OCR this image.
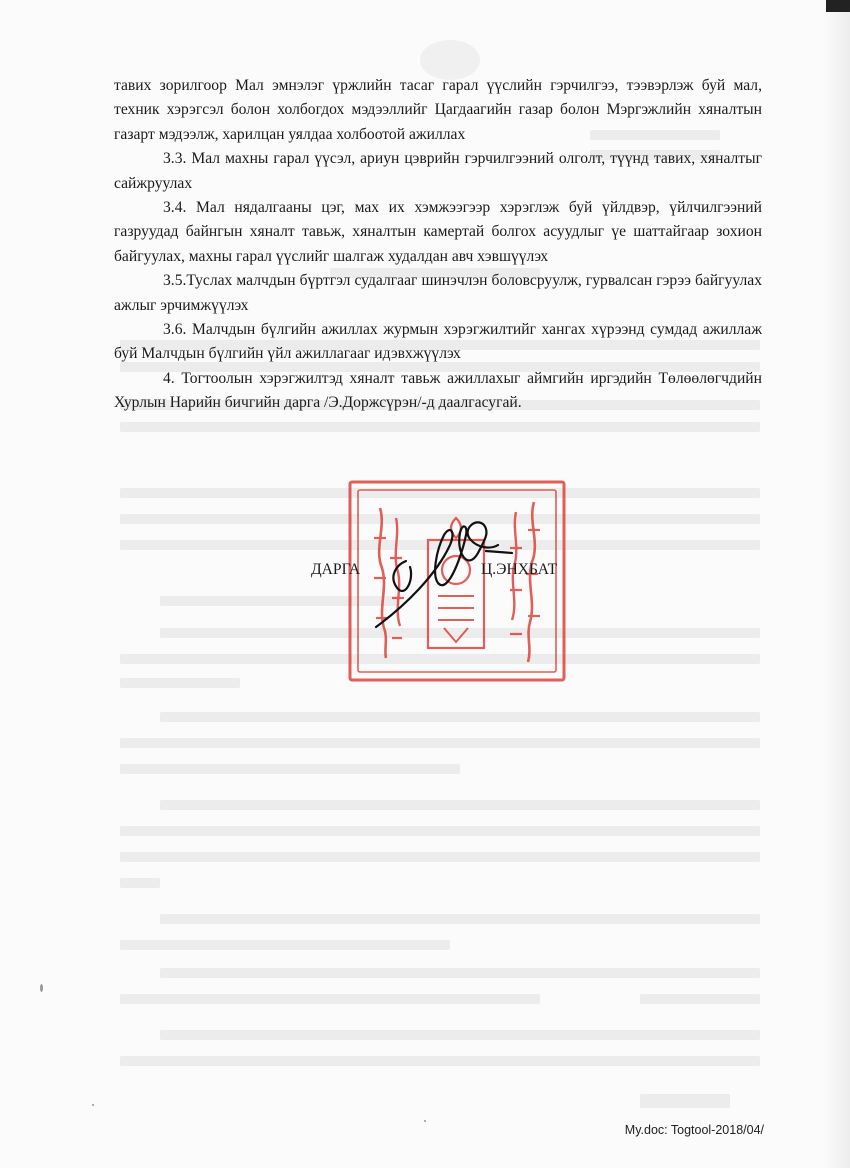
тавих зорилгоор Мал эмнэлэг үржлийн тасаг гарал үүслийн гэрчилгээ, тээвэрлэж буй мал, техник хэрэгсэл болон холбогдох мэдээллийг Цагдаагийн газар болон Мэргэжлийн хяналтын газарт мэдээлж, харилцан уялдаа холбоотой ажиллах

3.3. Мал махны гарал үүсэл, ариун цэврийн гэрчилгээний олголт, түүнд тавих, хяналтыг сайжруулах

3.4. Мал нядалгааны цэг, мах их хэмжээгээр хэрэглэж буй үйлдвэр, үйлчилгээний газруудад байнгын хяналт тавьж, хяналтын камертай болгох асуудлыг үе шаттайгаар зохион байгуулах, махны гарал үүслийг шалгаж худалдан авч хэвшүүлэх

3.5.Туслах малчдын бүртгэл судалгааг шинэчлэн боловсруулж, гурвалсан гэрээ байгуулах ажлыг эрчимжүүлэх

3.6. Малчдын бүлгийн ажиллах журмын хэрэгжилтийг хангах хүрээнд сумдад ажиллаж буй Малчдын бүлгийн үйл ажиллагааг идэвхжүүлэх

4. Тогтоолын хэрэгжилтэд хяналт тавьж ажиллахыг аймгийн иргэдийн Төлөөлөгчдийн Хурлын Нарийн бичгийн дарга /Э.Доржсүрэн/-д даалгасугай.

ДАРГА	Ц.ЭНХБАТ
My.doc: Togtool-2018/04/
